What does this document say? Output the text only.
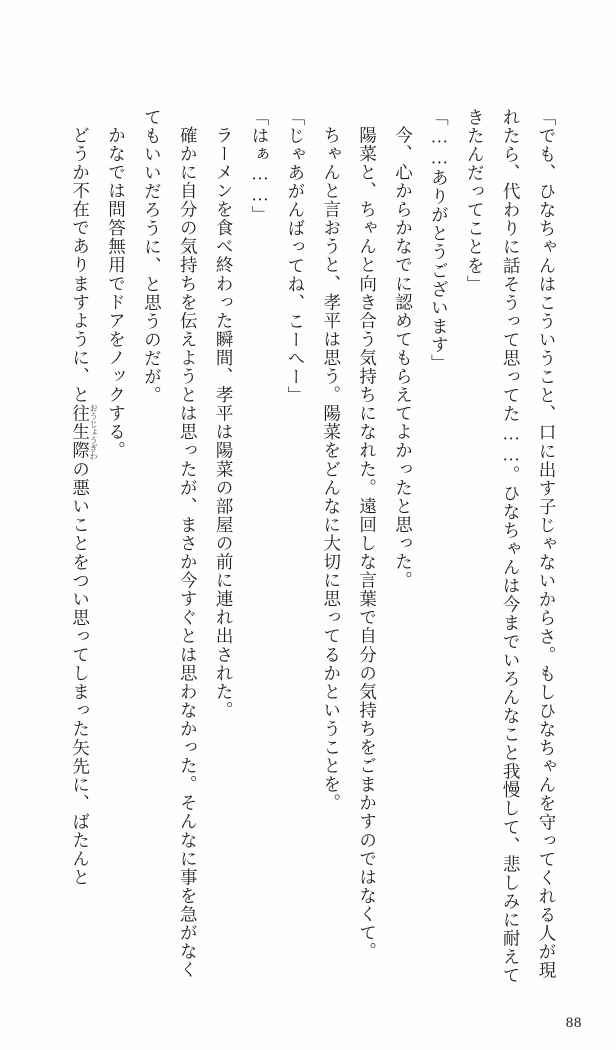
「でも、ひなちゃんはこういうこと、口に出す子じゃないからさ。もしひなちゃんを守ってくれる人が現れたら、代わりに話そうって思ってた……。ひなちゃんは今までいろんなこと我慢して、悲しみに耐えてきたんだってことを」

「……ありがとうございます」

今、心からかなでに認めてもらえてよかったと思った。

陽菜と、ちゃんと向き合う気持ちになれた。遠回しな言葉で自分の気持ちをごまかすのではなくて。

ちゃんと言おうと、孝平は思う。陽菜をどんなに大切に思ってるかということを。

「じゃあがんばってね、こーへー」

「はぁ……」

ラーメンを食べ終わった瞬間、孝平は陽菜の部屋の前に連れ出された。

確かに自分の気持ちを伝えようとは思ったが、まさか今すぐとは思わなかった。そんなに事を急がなくてもいいだろうに、と思うのだが。

かなでは問答無用でドアをノックする。

どうか不在でありますように、と往生際おうじょうぎわの悪いことをつい思ってしまった矢先に、ばたんと

88
